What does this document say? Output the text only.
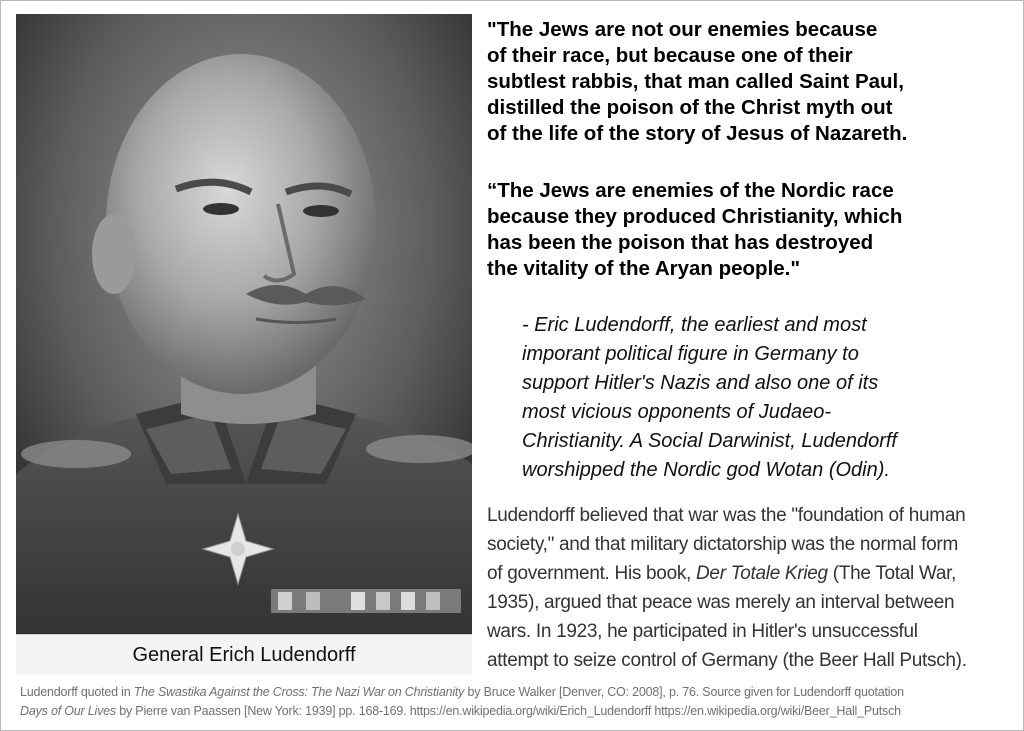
General Erich Ludendorff
"The Jews are not our enemies because
of their race, but because one of their
subtlest rabbis, that man called Saint Paul,
distilled the poison of the Christ myth out
of the life of the story of Jesus of Nazareth.
“The Jews are enemies of the Nordic race
because they produced Christianity, which
has been the poison that has destroyed
the vitality of the Aryan people."
- Eric Ludendorff, the earliest and most
imporant political figure in Germany to
support Hitler's Nazis and also one of its
most vicious opponents of Judaeo-
Christianity. A Social Darwinist, Ludendorff
worshipped the Nordic god Wotan (Odin).
Ludendorff believed that war was the "foundation of human
society," and that military dictatorship was the normal form
of government. His book, Der Totale Krieg (The Total War,
1935), argued that peace was merely an interval between
wars. In 1923, he participated in Hitler's unsuccessful
attempt to seize control of Germany (the Beer Hall Putsch).
Ludendorff quoted in The Swastika Against the Cross: The Nazi War on Christianity by Bruce Walker [Denver, CO: 2008], p. 76. Source given for Ludendorff quotation
Days of Our Lives by Pierre van Paassen [New York: 1939] pp. 168-169. https://en.wikipedia.org/wiki/Erich_Ludendorff https://en.wikipedia.org/wiki/Beer_Hall_Putsch
